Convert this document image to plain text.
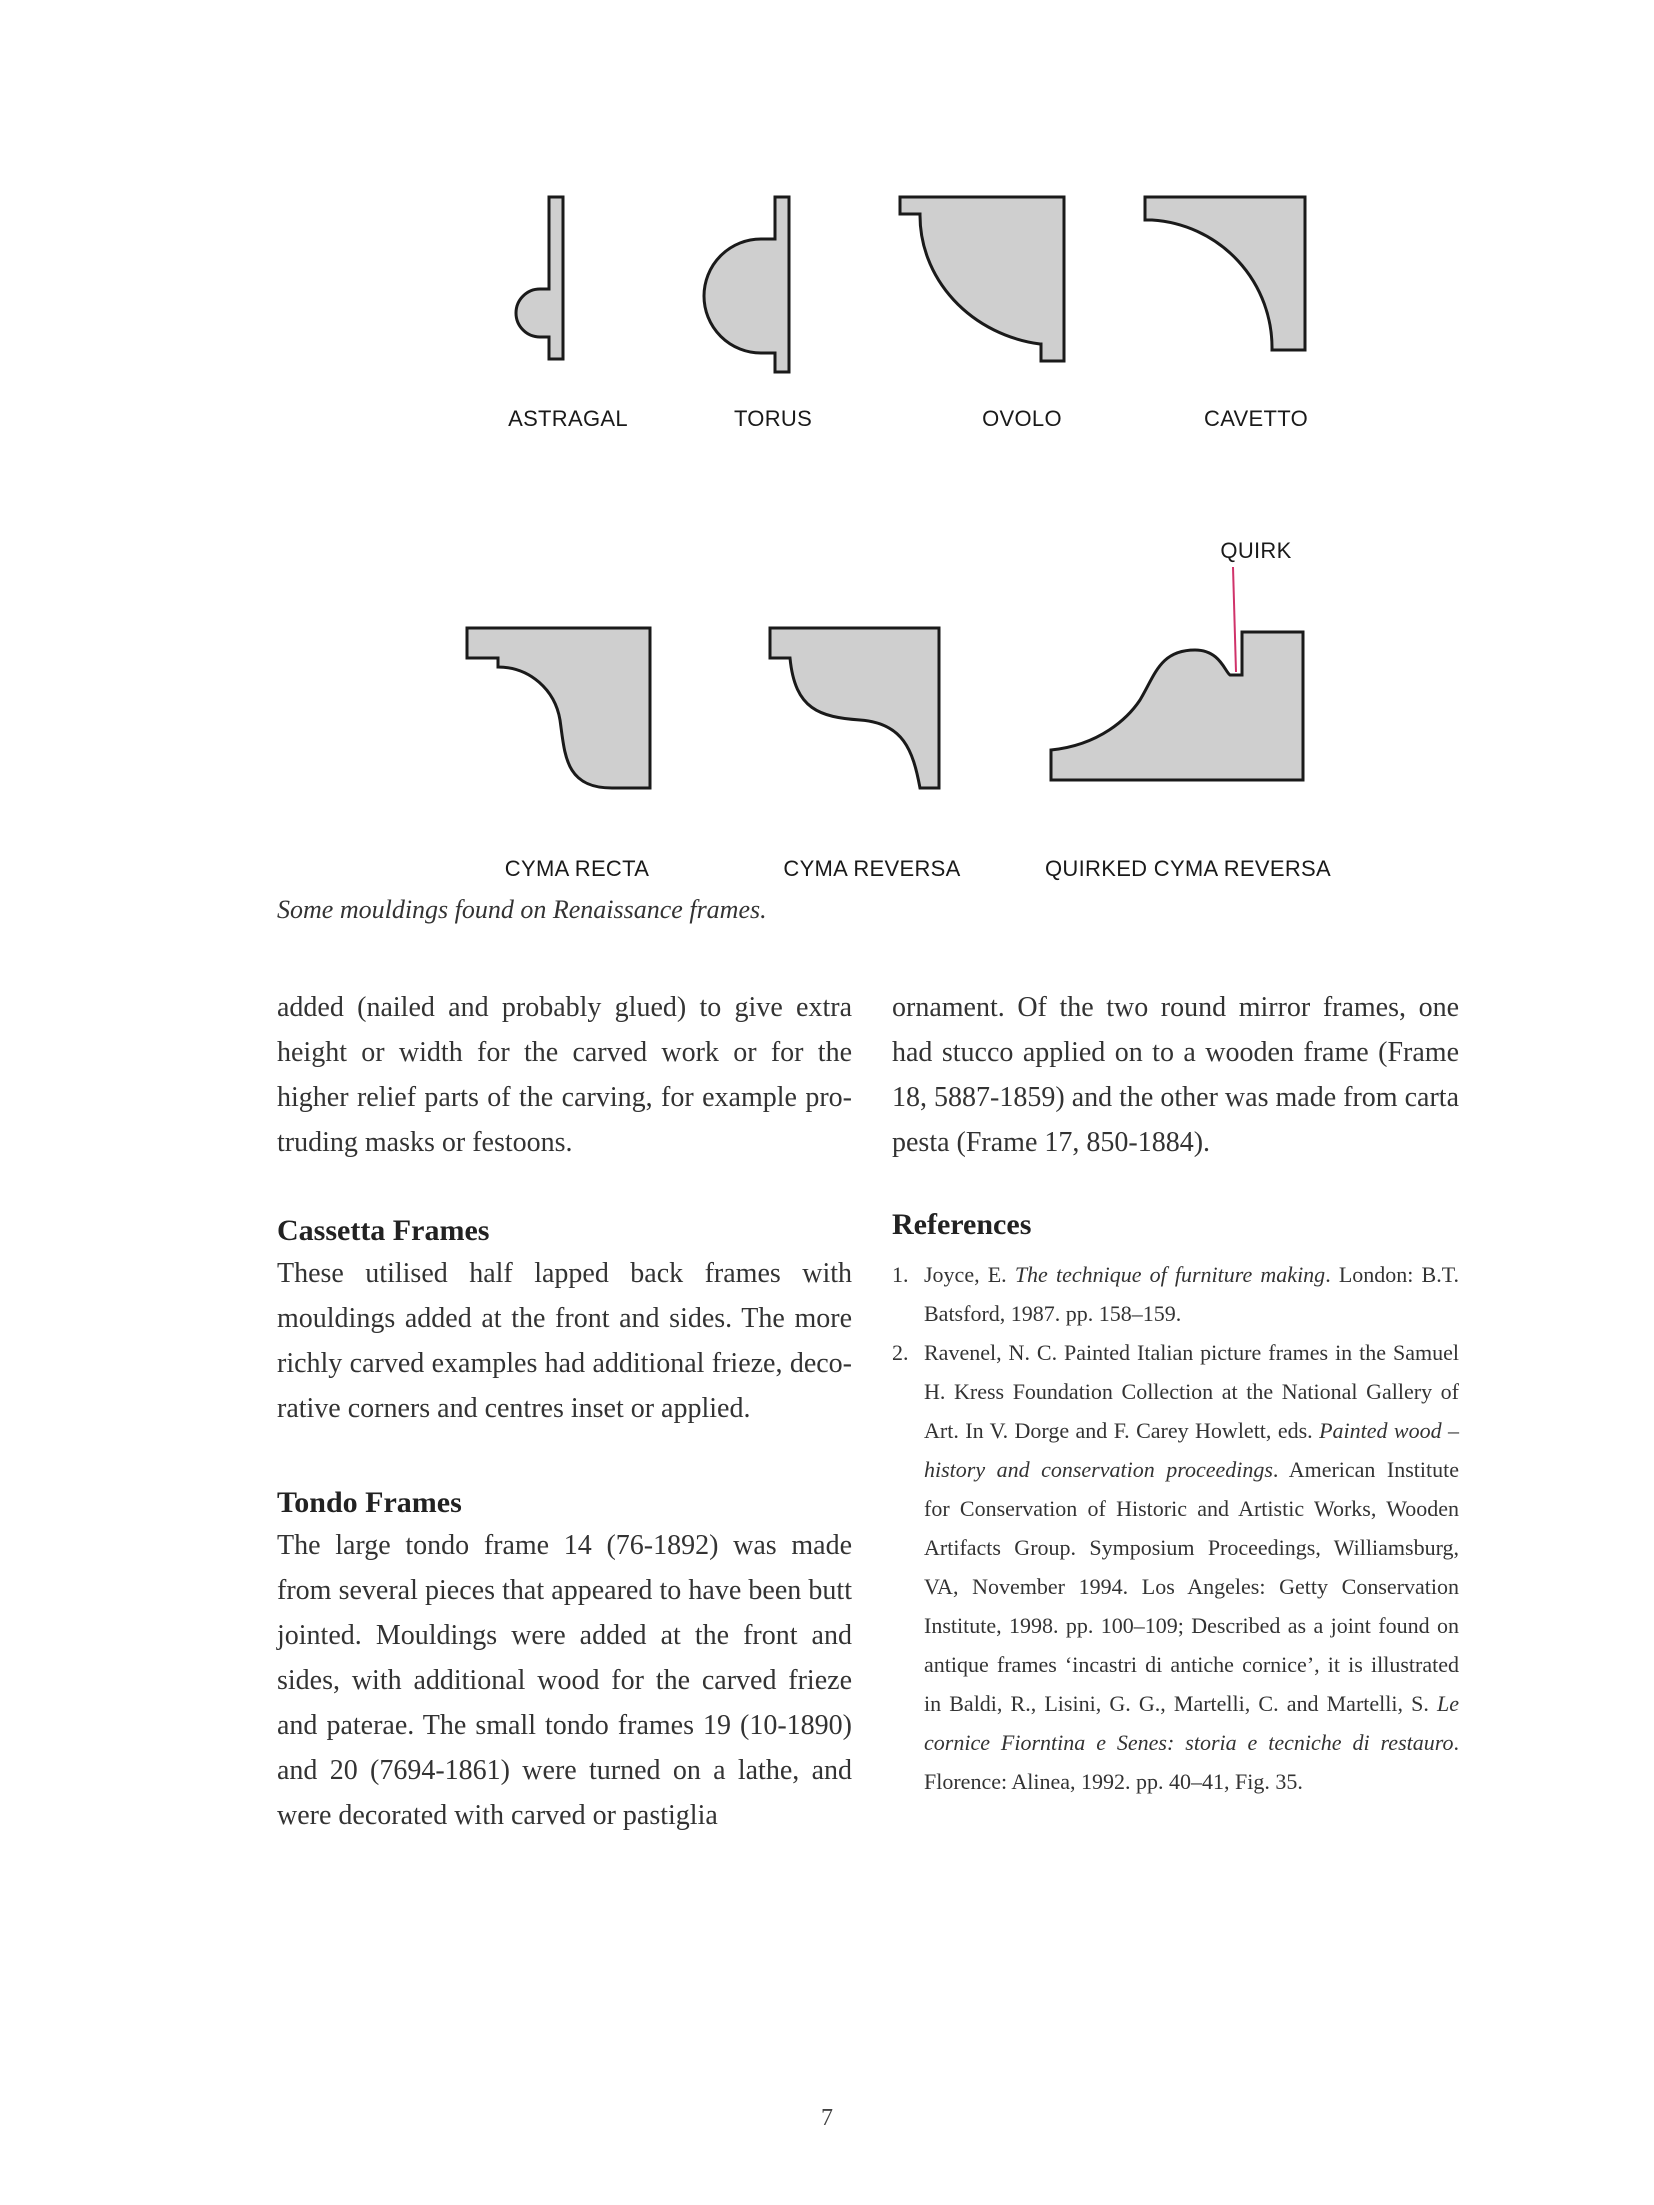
ASTRAGAL	TORUS	OVOLO	CAVETTO
QUIRK
CYMA RECTA	CYMA REVERSA	QUIRKED CYMA REVERSA
Some mouldings found on Renaissance frames.

added (nailed and probably glued) to give extra height or width for the carved work or for the higher relief parts of the carving, for example protruding masks or festoons.

Cassetta Frames

These utilised half lapped back frames with mouldings added at the front and sides. The more richly carved examples had additional frieze, decorative corners and centres inset or applied.

Tondo Frames

The large tondo frame 14 (76-1892) was made from several pieces that appeared to have been butt jointed. Mouldings were added at the front and sides, with additional wood for the carved frieze and paterae. The small tondo frames 19 (10-1890) and 20 (7694-1861) were turned on a lathe, and were decorated with carved or pastiglia

ornament. Of the two round mirror frames, one had stucco applied on to a wooden frame (Frame 18, 5887-1859) and the other was made from carta pesta (Frame 17, 850-1884).

References
1. Joyce, E. The technique of furniture making. London: B.T. Batsford, 1987. pp. 158–159.
2. Ravenel, N. C. Painted Italian picture frames in the Samuel H. Kress Foundation Collection at the National Gallery of Art. In V. Dorge and F. Carey Howlett, eds. Painted wood – history and conservation proceedings. American Institute for Conservation of Historic and Artistic Works, Wooden Artifacts Group. Symposium Proceedings, Williamsburg, VA, November 1994. Los Angeles: Getty Conservation Institute, 1998. pp. 100–109; Described as a joint found on antique frames ‘incastri di antiche cornice’, it is illustrated in Baldi, R., Lisini, G. G., Martelli, C. and Martelli, S. Le cornice Fiorntina e Senes: storia e tecniche di restauro. Florence: Alinea, 1992. pp. 40–41, Fig. 35.
7
